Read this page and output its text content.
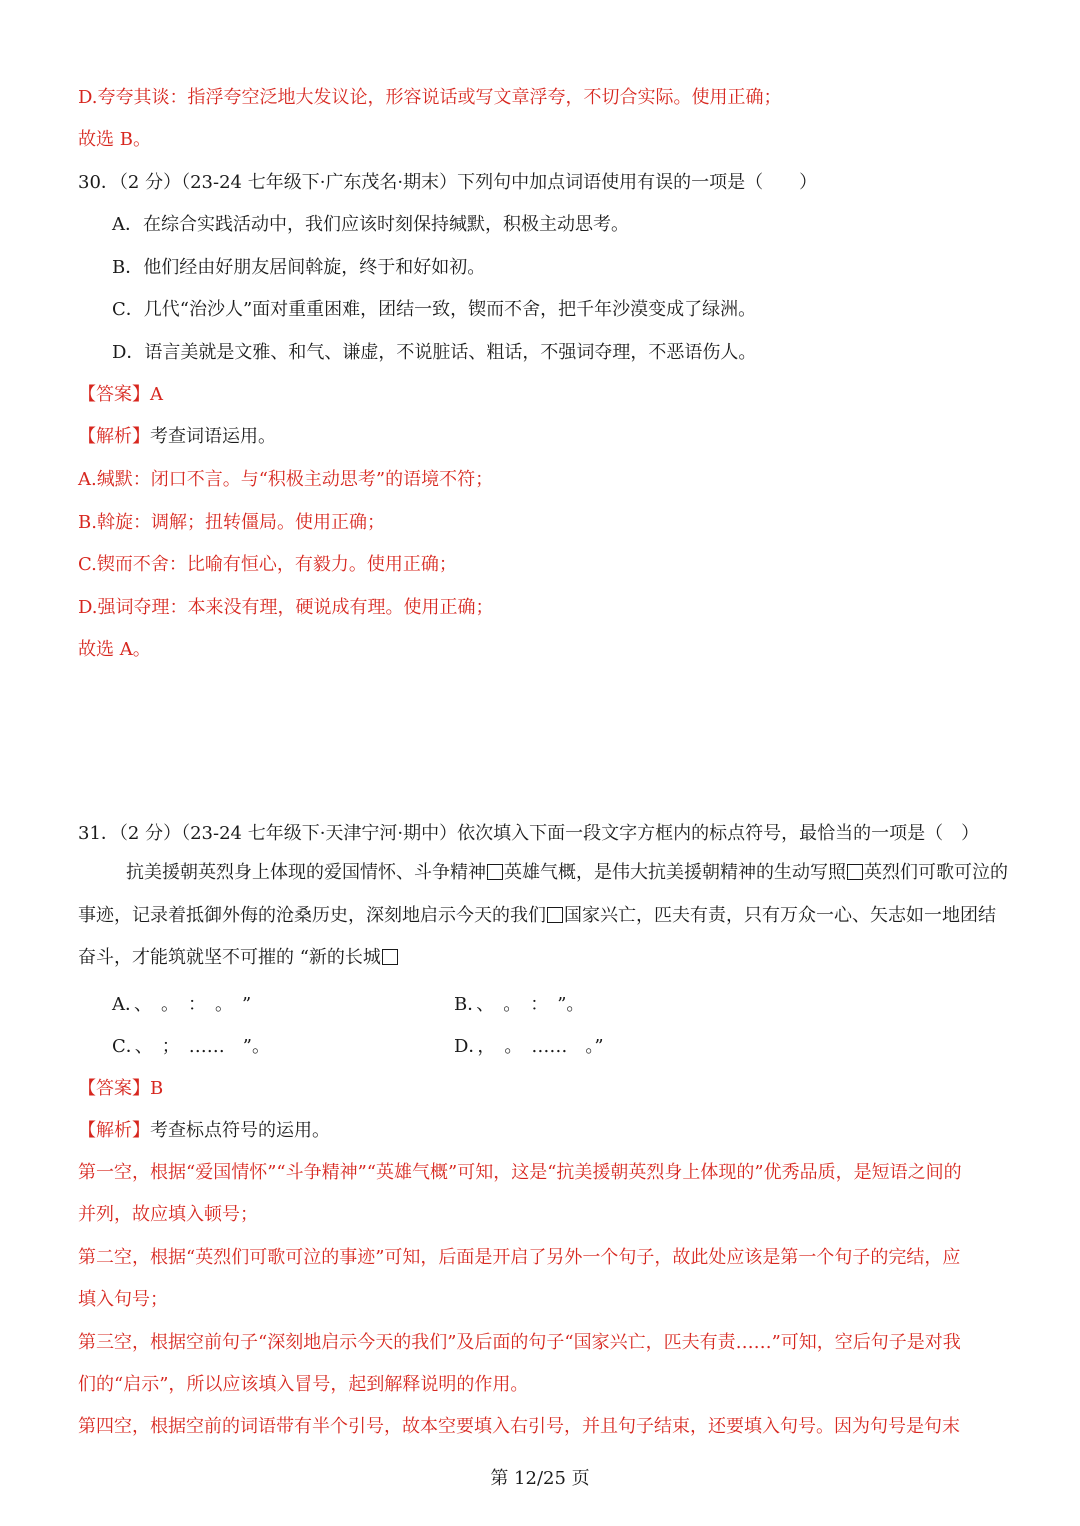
D.夸夸其谈：指浮夸空泛地大发议论，形容说话或写文章浮夸，不切合实际。使用正确；
故选 B。
30．（2 分）（23-24 七年级下·广东茂名·期末）下列句中加点词语使用有误的一项是（　　）
A．在综合实践活动中，我们应该时刻保持缄默，积极主动思考。
B．他们经由好朋友居间斡旋，终于和好如初。
C．几代“治沙人”面对重重困难，团结一致，锲而不舍，把千年沙漠变成了绿洲。
D．语言美就是文雅、和气、谦虚，不说脏话、粗话，不强词夺理，不恶语伤人。
【答案】A
【解析】考查词语运用。
A.缄默：闭口不言。与“积极主动思考”的语境不符；
B.斡旋：调解；扭转僵局。使用正确；
C.锲而不舍：比喻有恒心，有毅力。使用正确；
D.强词夺理：本来没有理，硬说成有理。使用正确；
故选 A。
31．（2 分）（23-24 七年级下·天津宁河·期中）依次填入下面一段文字方框内的标点符号，最恰当的一项是（　）
抗美援朝英烈身上体现的爱国情怀、斗争精神 英雄气概，是伟大抗美援朝精神的生动写照 英烈们可歌可泣的事迹，记录着抵御外侮的沧桑历史，深刻地启示今天的我们 国家兴亡，匹夫有责，只有万众一心、矢志如一地团结奋斗，才能筑就坚不可摧的 “新的长城
A．、　。　：　。　”	B．、　。　：　”。
C．、　；　……　”。	D．，　。　……　。”
【答案】B
【解析】考查标点符号的运用。
第一空，根据“爱国情怀”“斗争精神”“英雄气概”可知，这是“抗美援朝英烈身上体现的”优秀品质，是短语之间的
并列，故应填入顿号；
第二空，根据“英烈们可歌可泣的事迹”可知，后面是开启了另外一个句子，故此处应该是第一个句子的完结，应
填入句号；
第三空，根据空前句子“深刻地启示今天的我们”及后面的句子“国家兴亡，匹夫有责……”可知，空后句子是对我
们的“启示”，所以应该填入冒号，起到解释说明的作用。
第四空，根据空前的词语带有半个引号，故本空要填入右引号，并且句子结束，还要填入句号。因为句号是句末
第 12/25 页
